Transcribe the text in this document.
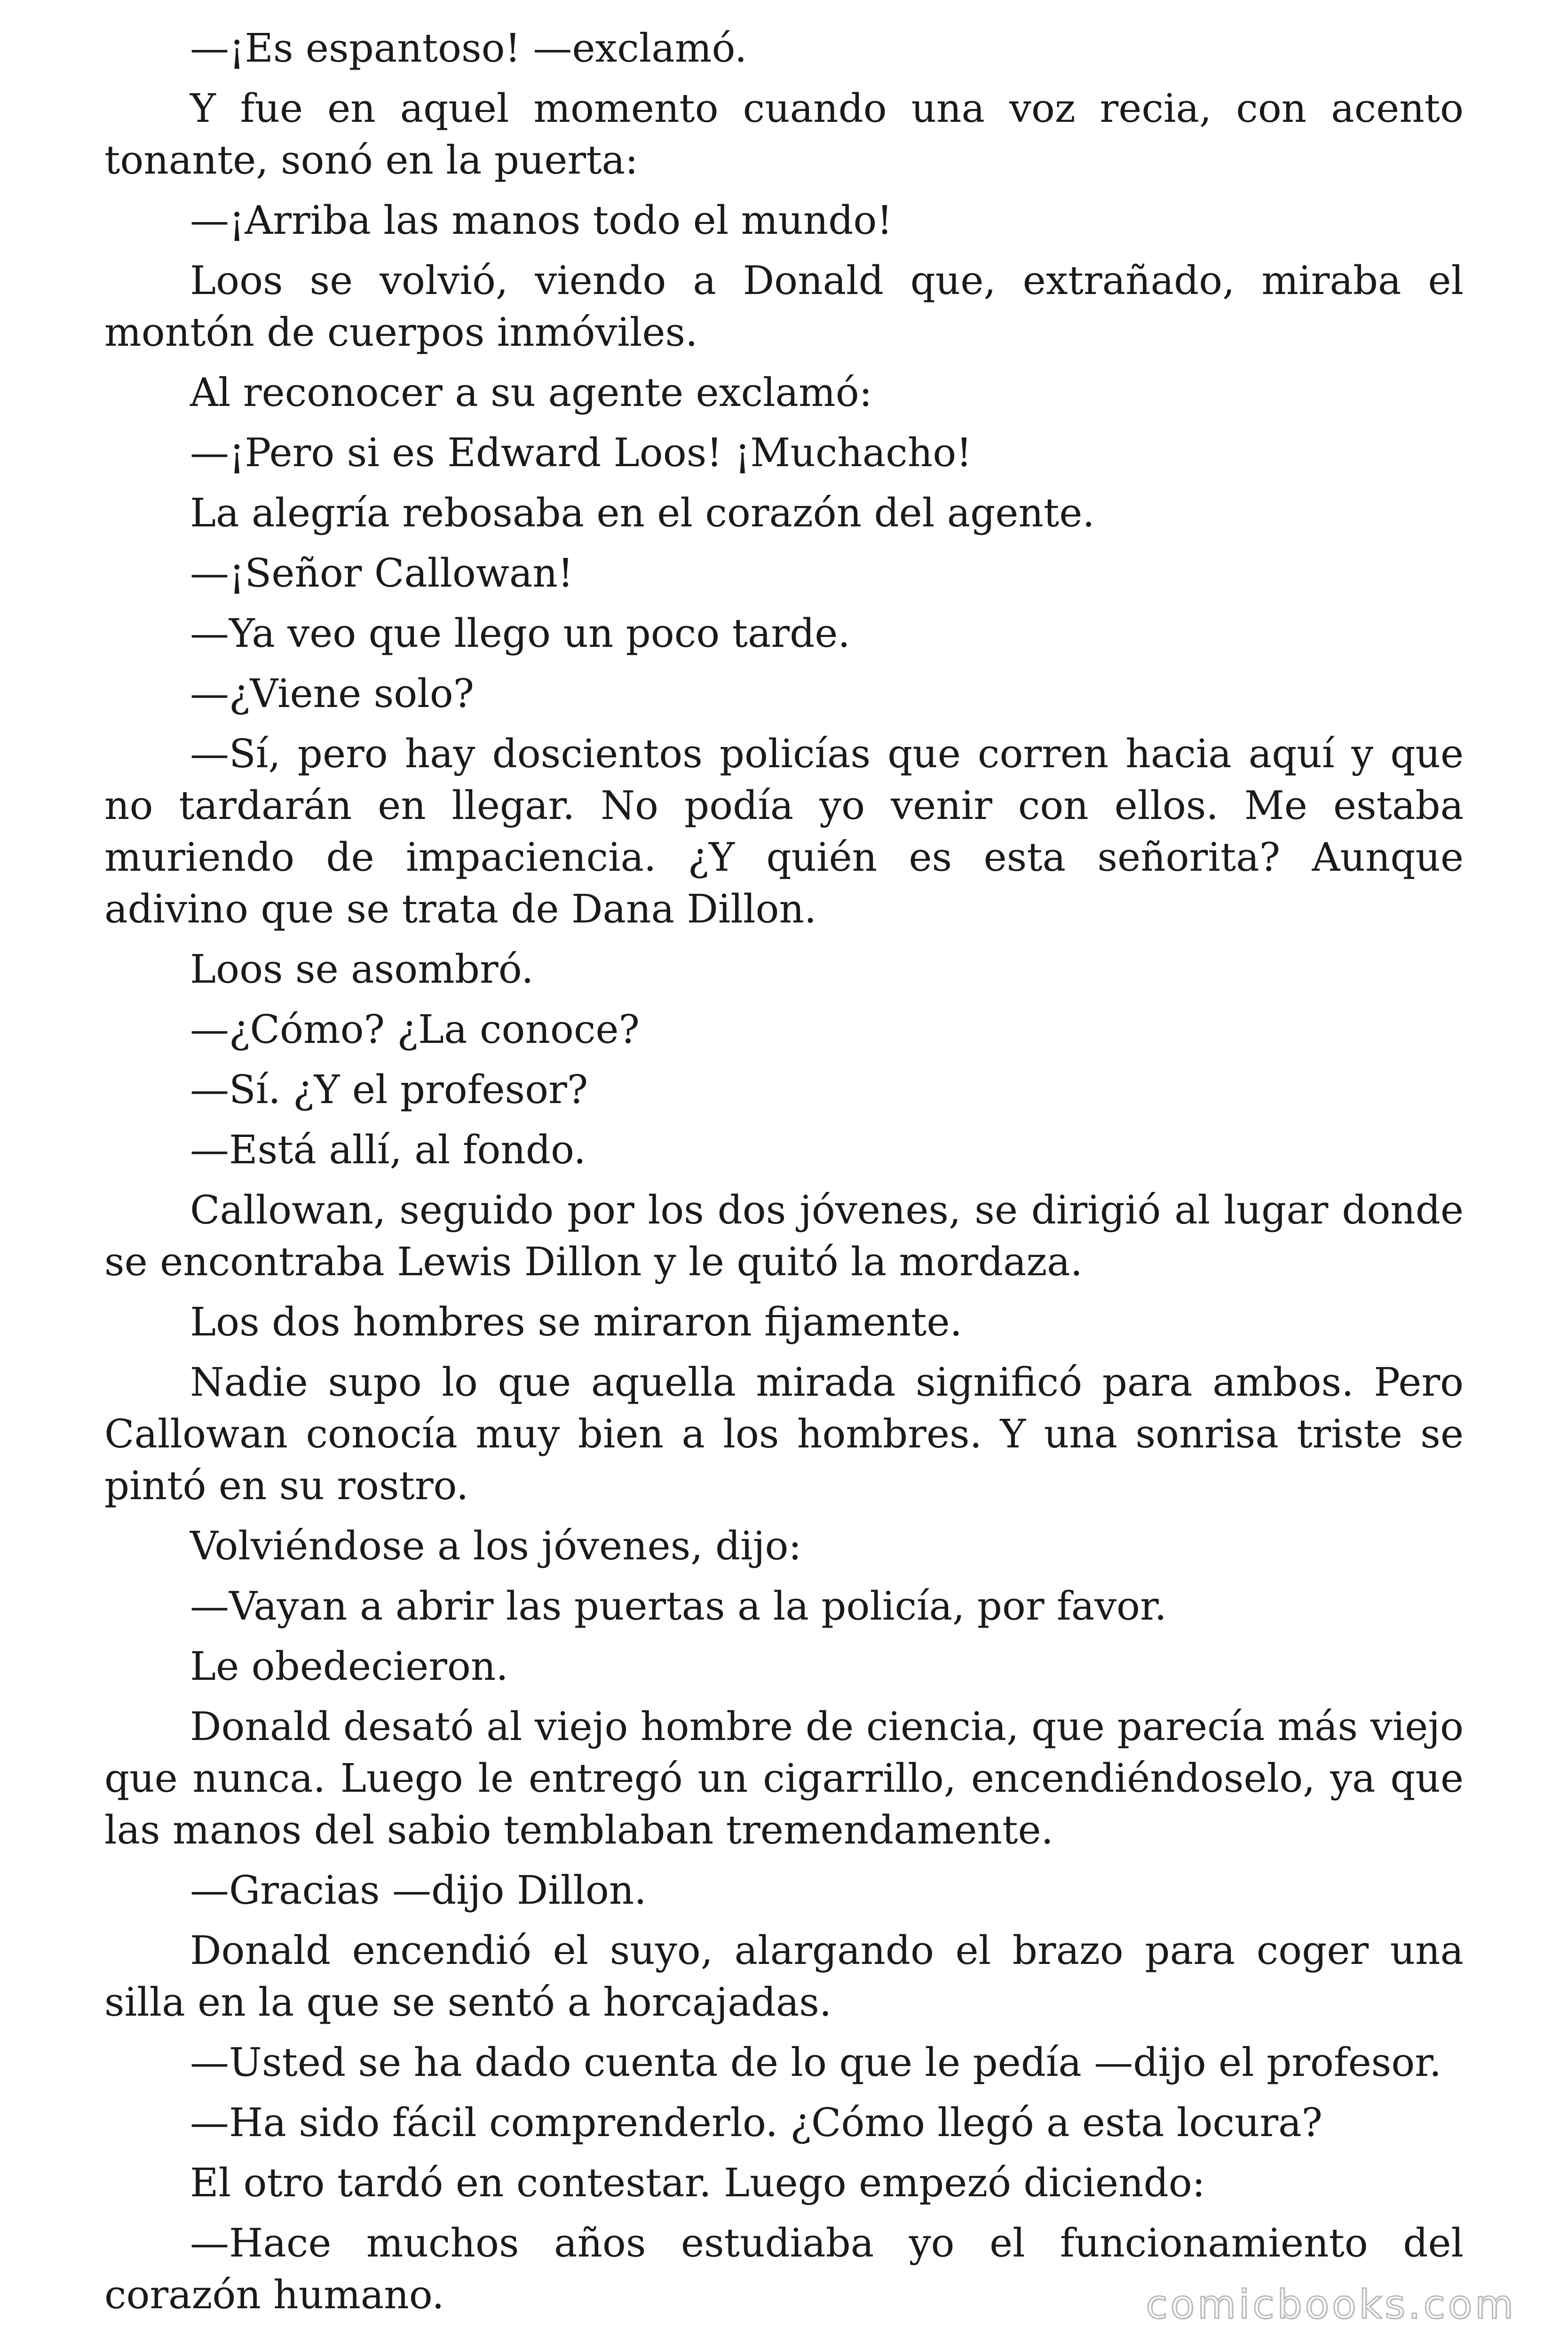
—¡Es espantoso! —exclamó.

Y fue en aquel momento cuando una voz recia, con acento tonante, sonó en la puerta:

—¡Arriba las manos todo el mundo!

Loos se volvió, viendo a Donald que, extrañado, miraba el montón de cuerpos inmóviles.

Al reconocer a su agente exclamó:

—¡Pero si es Edward Loos! ¡Muchacho!

La alegría rebosaba en el corazón del agente.

—¡Señor Callowan!

—Ya veo que llego un poco tarde.

—¿Viene solo?

—Sí, pero hay doscientos policías que corren hacia aquí y que no tardarán en llegar. No podía yo venir con ellos. Me estaba muriendo de impaciencia. ¿Y quién es esta señorita? Aunque adivino que se trata de Dana Dillon.

Loos se asombró.

—¿Cómo? ¿La conoce?

—Sí. ¿Y el profesor?

—Está allí, al fondo.

Callowan, seguido por los dos jóvenes, se dirigió al lugar donde se encontraba Lewis Dillon y le quitó la mordaza.

Los dos hombres se miraron fijamente.

Nadie supo lo que aquella mirada significó para ambos. Pero Callowan conocía muy bien a los hombres. Y una sonrisa triste se pintó en su rostro.

Volviéndose a los jóvenes, dijo:

—Vayan a abrir las puertas a la policía, por favor.

Le obedecieron.

Donald desató al viejo hombre de ciencia, que parecía más viejo que nunca. Luego le entregó un cigarrillo, encendiéndoselo, ya que las manos del sabio temblaban tremendamente.

—Gracias —dijo Dillon.

Donald encendió el suyo, alargando el brazo para coger una silla en la que se sentó a horcajadas.

—Usted se ha dado cuenta de lo que le pedía —dijo el profesor.

—Ha sido fácil comprenderlo. ¿Cómo llegó a esta locura?

El otro tardó en contestar. Luego empezó diciendo:

—Hace muchos años estudiaba yo el funcionamiento del corazón humano.	comicbooks.com
